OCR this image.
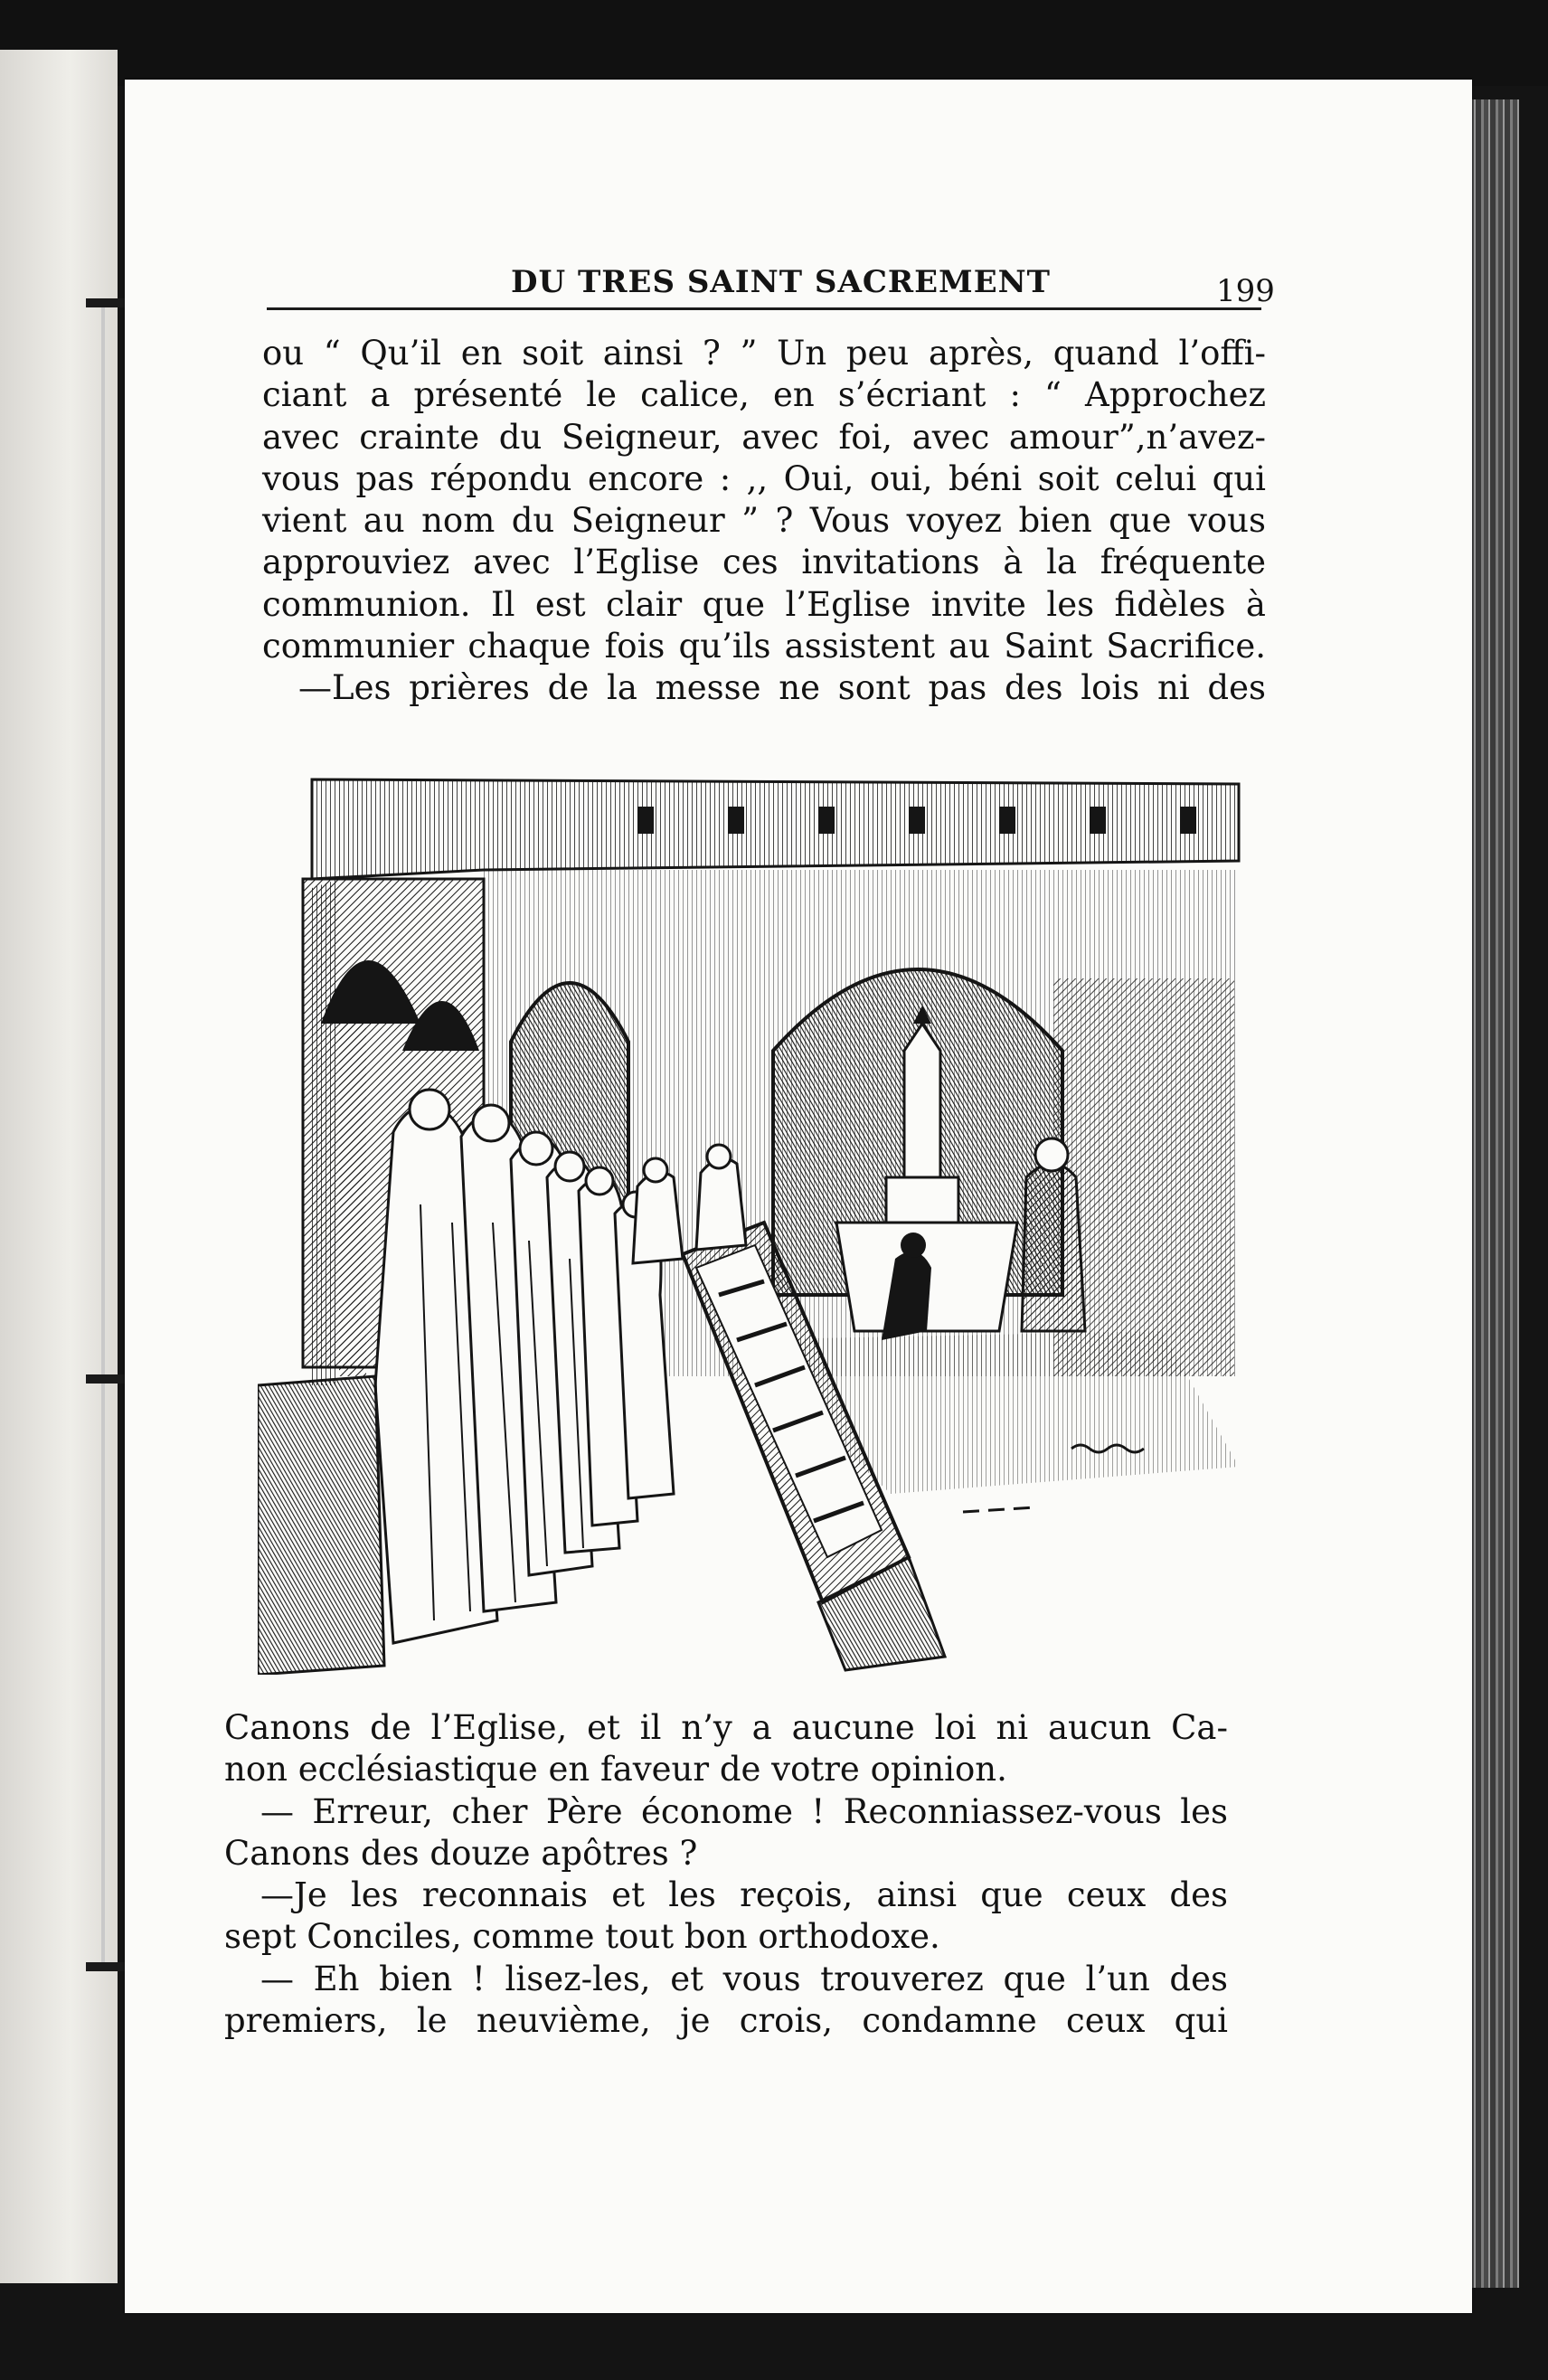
DU TRES SAINT SACREMENT	199

ou “ Qu’il en soit ainsi ? ” Un peu après, quand l’offi-

ciant a présenté le calice, en s’écriant : “ Approchez

avec crainte du Seigneur, avec foi, avec amour”,n’avez-

vous pas répondu encore : ,, Oui, oui, béni soit celui qui

vient au nom du Seigneur ” ? Vous voyez bien que vous

approuviez avec l’Eglise ces invitations à la fréquente

communion. Il est clair que l’Eglise invite les fidèles à

communier chaque fois qu’ils assistent au Saint Sacrifice.

—Les prières de la messe ne sont pas des lois ni des

Canons de l’Eglise, et il n’y a aucune loi ni aucun Ca-

non ecclésiastique en faveur de votre opinion.

— Erreur, cher Père économe ! Reconniassez-vous les

Canons des douze apôtres ?

—Je les reconnais et les reçois, ainsi que ceux des

sept Conciles, comme tout bon orthodoxe.

— Eh bien ! lisez-les, et vous trouverez que l’un des

premiers, le neuvième, je crois, condamne ceux qui
